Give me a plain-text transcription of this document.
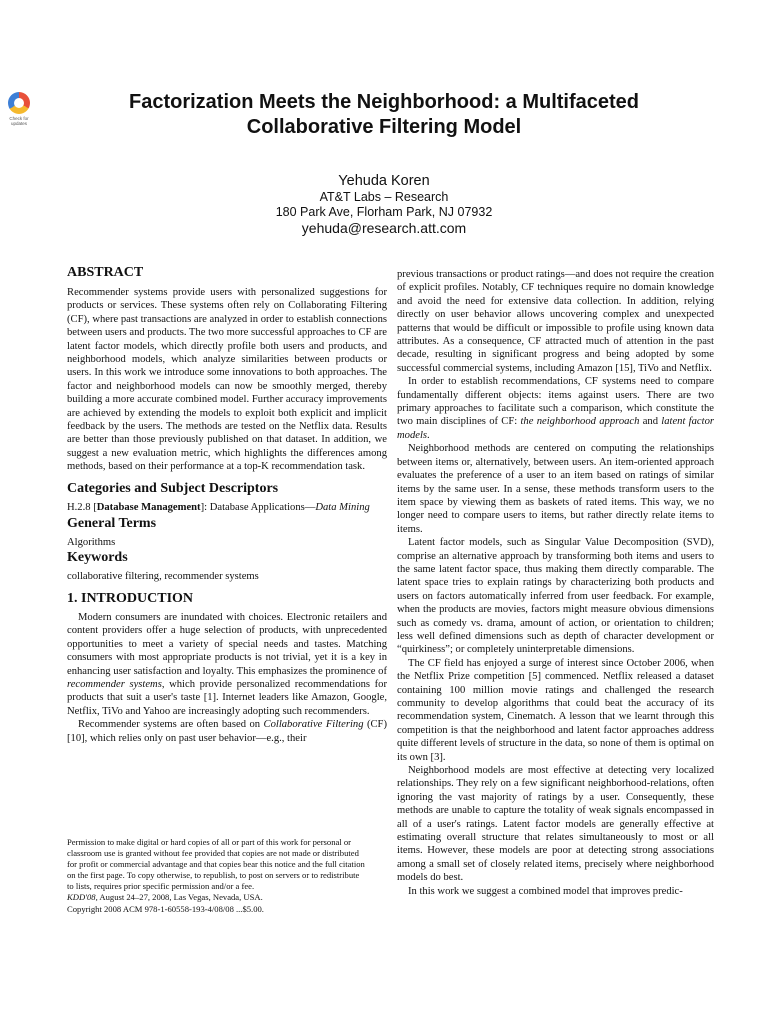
Check for
updates
Factorization Meets the Neighborhood: a Multifaceted
Collaborative Filtering Model
Yehuda Koren
AT&T Labs – Research
180 Park Ave, Florham Park, NJ 07932
yehuda@research.att.com
ABSTRACT

Recommender systems provide users with personalized suggestions for products or services. These systems often rely on Collaborating Filtering (CF), where past transactions are analyzed in order to establish connections between users and products. The two more successful approaches to CF are latent factor models, which directly profile both users and products, and neighborhood models, which analyze similarities between products or users. In this work we introduce some innovations to both approaches. The factor and neighborhood models can now be smoothly merged, thereby building a more accurate combined model. Further accuracy improvements are achieved by extending the models to exploit both explicit and implicit feedback by the users. The methods are tested on the Netflix data. Results are better than those previously published on that dataset. In addition, we suggest a new evaluation metric, which highlights the differences among methods, based on their performance at a top-K recommendation task.

Categories and Subject Descriptors

H.2.8 [Database Management]: Database Applications—Data Mining

General Terms

Algorithms

Keywords

collaborative filtering, recommender systems

1. INTRODUCTION

Modern consumers are inundated with choices. Electronic retailers and content providers offer a huge selection of products, with unprecedented opportunities to meet a variety of special needs and tastes. Matching consumers with most appropriate products is not trivial, yet it is a key in enhancing user satisfaction and loyalty. This emphasizes the prominence of recommender systems, which provide personalized recommendations for products that suit a user's taste [1]. Internet leaders like Amazon, Google, Netflix, TiVo and Yahoo are increasingly adopting such recommenders.

Recommender systems are often based on Collaborative Filtering (CF) [10], which relies only on past user behavior—e.g., their

Permission to make digital or hard copies of all or part of this work for personal or classroom use is granted without fee provided that copies are not made or distributed for profit or commercial advantage and that copies bear this notice and the full citation on the first page. To copy otherwise, to republish, to post on servers or to redistribute to lists, requires prior specific permission and/or a fee.

KDD'08, August 24–27, 2008, Las Vegas, Nevada, USA.

Copyright 2008 ACM 978-1-60558-193-4/08/08 ...$5.00.

previous transactions or product ratings—and does not require the creation of explicit profiles. Notably, CF techniques require no domain knowledge and avoid the need for extensive data collection. In addition, relying directly on user behavior allows uncovering complex and unexpected patterns that would be difficult or impossible to profile using known data attributes. As a consequence, CF attracted much of attention in the past decade, resulting in significant progress and being adopted by some successful commercial systems, including Amazon [15], TiVo and Netflix.

In order to establish recommendations, CF systems need to compare fundamentally different objects: items against users. There are two primary approaches to facilitate such a comparison, which constitute the two main disciplines of CF: the neighborhood approach and latent factor models.

Neighborhood methods are centered on computing the relationships between items or, alternatively, between users. An item-oriented approach evaluates the preference of a user to an item based on ratings of similar items by the same user. In a sense, these methods transform users to the item space by viewing them as baskets of rated items. This way, we no longer need to compare users to items, but rather directly relate items to items.

Latent factor models, such as Singular Value Decomposition (SVD), comprise an alternative approach by transforming both items and users to the same latent factor space, thus making them directly comparable. The latent space tries to explain ratings by characterizing both products and users on factors automatically inferred from user feedback. For example, when the products are movies, factors might measure obvious dimensions such as comedy vs. drama, amount of action, or orientation to children; less well defined dimensions such as depth of character development or “quirkiness”; or completely uninterpretable dimensions.

The CF field has enjoyed a surge of interest since October 2006, when the Netflix Prize competition [5] commenced. Netflix released a dataset containing 100 million movie ratings and challenged the research community to develop algorithms that could beat the accuracy of its recommendation system, Cinematch. A lesson that we learnt through this competition is that the neighborhood and latent factor approaches address quite different levels of structure in the data, so none of them is optimal on its own [3].

Neighborhood models are most effective at detecting very localized relationships. They rely on a few significant neighborhood-relations, often ignoring the vast majority of ratings by a user. Consequently, these methods are unable to capture the totality of weak signals encompassed in all of a user's ratings. Latent factor models are generally effective at estimating overall structure that relates simultaneously to most or all items. However, these models are poor at detecting strong associations among a small set of closely related items, precisely where neighborhood models do best.

In this work we suggest a combined model that improves predic-
